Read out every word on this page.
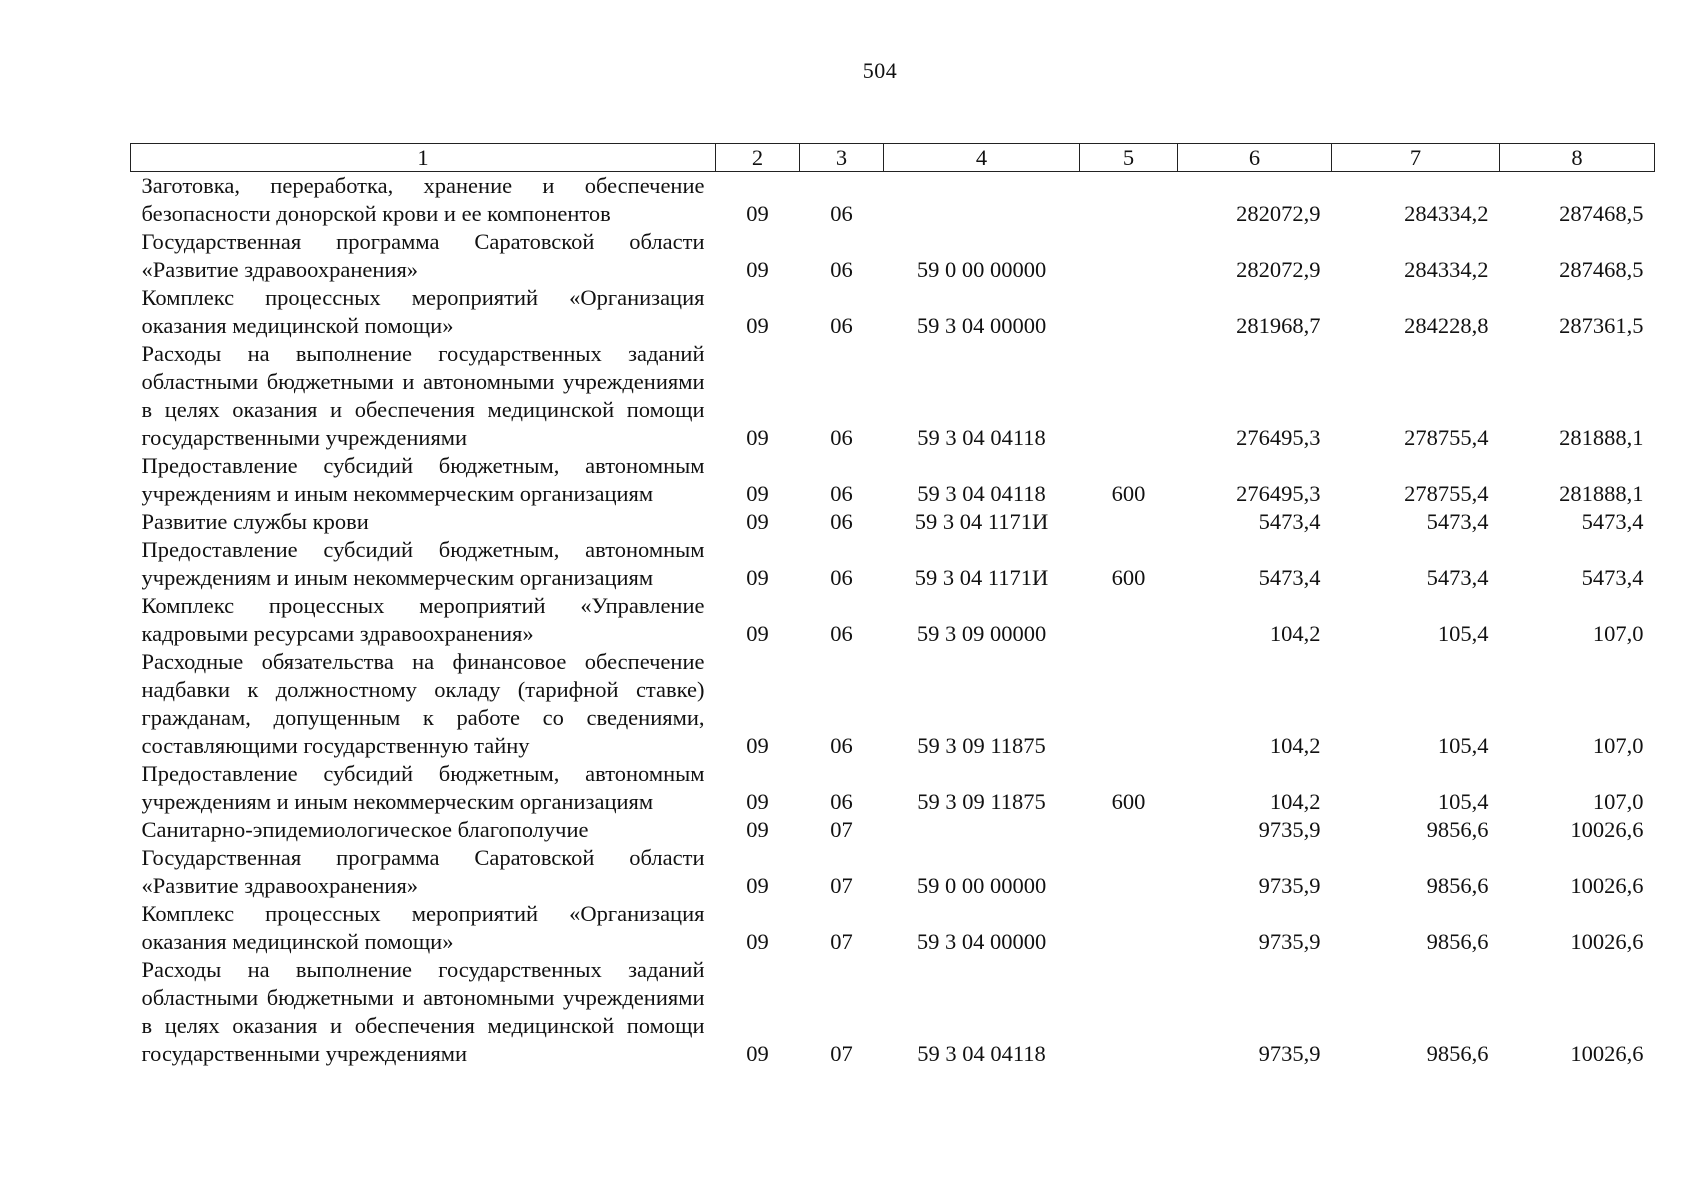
504
1	2	3	4	5	6	7	8
Заготовка, переработка, хранение и обеспечение безопасности донорской крови и ее компонентов	09	06			282072,9	284334,2	287468,5
Государственная программа Саратовской области «Развитие здравоохранения»	09	06	59 0 00 00000		282072,9	284334,2	287468,5
Комплекс процессных мероприятий «Организация оказания медицинской помощи»	09	06	59 3 04 00000		281968,7	284228,8	287361,5
Расходы на выполнение государственных заданий областными бюджетными и автономными учреждениями в целях оказания и обеспечения медицинской помощи государственными учреждениями	09	06	59 3 04 04118		276495,3	278755,4	281888,1
Предоставление субсидий бюджетным, автономным учреждениям и иным некоммерческим организациям	09	06	59 3 04 04118	600	276495,3	278755,4	281888,1
Развитие службы крови	09	06	59 3 04 1171И		5473,4	5473,4	5473,4
Предоставление субсидий бюджетным, автономным учреждениям и иным некоммерческим организациям	09	06	59 3 04 1171И	600	5473,4	5473,4	5473,4
Комплекс процессных мероприятий «Управление кадровыми ресурсами здравоохранения»	09	06	59 3 09 00000		104,2	105,4	107,0
Расходные обязательства на финансовое обеспечение надбавки к должностному окладу (тарифной ставке) гражданам, допущенным к работе со сведениями, составляющими государственную тайну	09	06	59 3 09 11875		104,2	105,4	107,0
Предоставление субсидий бюджетным, автономным учреждениям и иным некоммерческим организациям	09	06	59 3 09 11875	600	104,2	105,4	107,0
Санитарно-эпидемиологическое благополучие	09	07			9735,9	9856,6	10026,6
Государственная программа Саратовской области «Развитие здравоохранения»	09	07	59 0 00 00000		9735,9	9856,6	10026,6
Комплекс процессных мероприятий «Организация оказания медицинской помощи»	09	07	59 3 04 00000		9735,9	9856,6	10026,6
Расходы на выполнение государственных заданий областными бюджетными и автономными учреждениями в целях оказания и обеспечения медицинской помощи государственными учреждениями	09	07	59 3 04 04118		9735,9	9856,6	10026,6
